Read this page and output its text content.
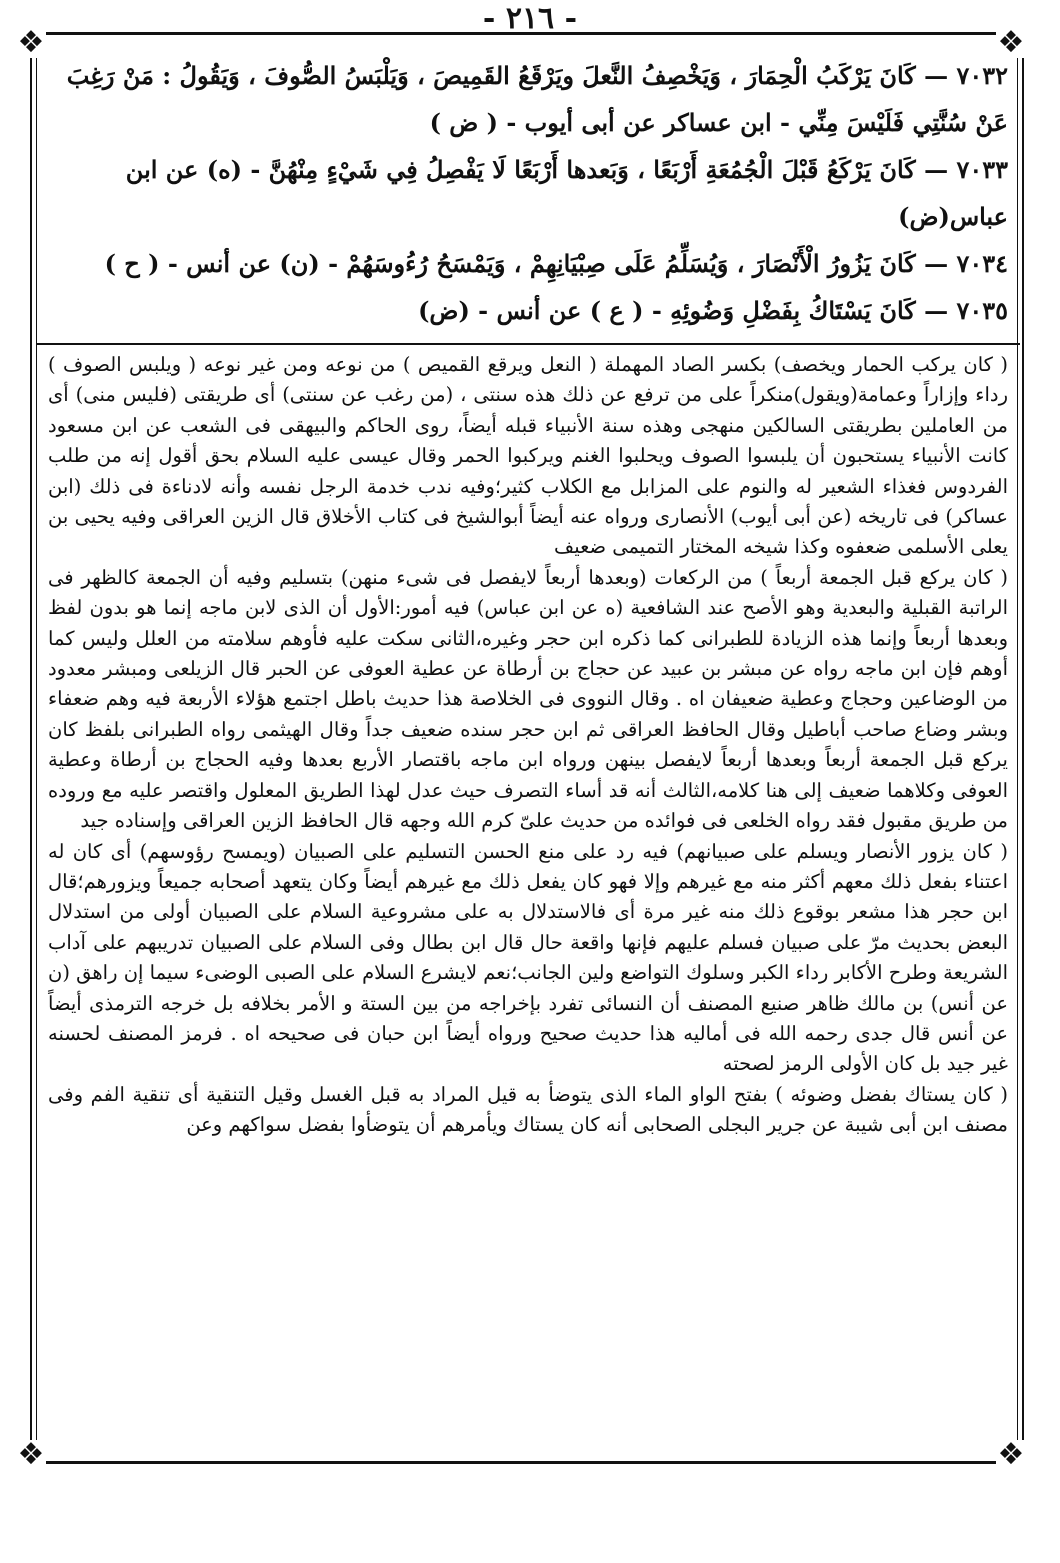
- ٢١٦ -
❖	❖
❖	❖
٧٠٣٢ — كَانَ يَرْكَبُ الْحِمَارَ ، وَيَخْصِفُ النَّعلَ ويَرْقَعُ القَمِيصَ ، وَيَلْبَسُ الصُّوفَ ، وَيَقُولُ : مَنْ رَغِبَ عَنْ سُنَّتِي فَلَيْسَ مِنِّي - ابن عساكر عن أبى أيوب - ( ض )
٧٠٣٣ — كَانَ يَرْكَعُ قَبْلَ الْجُمُعَةِ أَرْبَعًا ، وَبَعدها أَرْبَعًا لَا يَفْصِلُ فِي شَيْءٍ مِنْهُنَّ - (ه) عن ابن عباس(ض)
٧٠٣٤ — كَانَ يَزُورُ الْأَنْصَارَ ، وَيُسَلِّمُ عَلَى صِبْيَانِهِمْ ، وَيَمْسَحُ رُءُوسَهُمْ - (ن) عن أنس - ( ح )
٧٠٣٥ — كَانَ يَسْتَاكُ بِفَضْلِ وَضُوئِهِ - ( ع ) عن أنس - (ض)

( كان يركب الحمار ويخصف) بكسر الصاد المهملة ( النعل ويرقع القميص ) من نوعه ومن غير نوعه ( ويلبس الصوف ) رداء وإزاراً وعمامة(ويقول)منكراً على من ترفع عن ذلك هذه سنتى ، (من رغب عن سنتى) أى طريقتى (فليس منى) أى من العاملين بطريقتى السالكين منهجى وهذه سنة الأنبياء قبله أيضاً، روى الحاكم والبيهقى فى الشعب عن ابن مسعود كانت الأنبياء يستحبون أن يلبسوا الصوف ويحلبوا الغنم ويركبوا الحمر وقال عيسى عليه السلام بحق أقول إنه من طلب الفردوس فغذاء الشعير له والنوم على المزابل مع الكلاب كثير؛وفيه ندب خدمة الرجل نفسه وأنه لادناءة فى ذلك (ابن عساكر) فى تاريخه (عن أبى أيوب) الأنصارى ورواه عنه أيضاً أبوالشيخ فى كتاب الأخلاق قال الزين العراقى وفيه يحيى بن يعلى الأسلمى ضعفوه وكذا شيخه المختار التميمى ضعيف

( كان يركع قبل الجمعة أربعاً ) من الركعات (وبعدها أربعاً لايفصل فى شىء منهن) بتسليم وفيه أن الجمعة كالظهر فى الراتبة القبلية والبعدية وهو الأصح عند الشافعية (ه عن ابن عباس) فيه أمور:الأول أن الذى لابن ماجه إنما هو بدون لفظ وبعدها أربعاً وإنما هذه الزيادة للطبرانى كما ذكره ابن حجر وغيره،الثانى سكت عليه فأوهم سلامته من العلل وليس كما أوهم فإن ابن ماجه رواه عن مبشر بن عبيد عن حجاج بن أرطاة عن عطية العوفى عن الحبر قال الزيلعى ومبشر معدود من الوضاعين وحجاج وعطية ضعيفان اه . وقال النووى فى الخلاصة هذا حديث باطل اجتمع هؤلاء الأربعة فيه وهم ضعفاء وبشر وضاع صاحب أباطيل وقال الحافظ العراقى ثم ابن حجر سنده ضعيف جداً وقال الهيثمى رواه الطبرانى بلفظ كان يركع قبل الجمعة أربعاً وبعدها أربعاً لايفصل بينهن ورواه ابن ماجه باقتصار الأربع بعدها وفيه الحجاج بن أرطاة وعطية العوفى وكلاهما ضعيف إلى هنا كلامه،الثالث أنه قد أساء التصرف حيث عدل لهذا الطريق المعلول واقتصر عليه مع وروده من طريق مقبول فقد رواه الخلعى فى فوائده من حديث علىّ كرم الله وجهه قال الحافظ الزين العراقى وإسناده جيد

( كان يزور الأنصار ويسلم على صبيانهم) فيه رد على منع الحسن التسليم على الصبيان (ويمسح رؤوسهم) أى كان له اعتناء بفعل ذلك معهم أكثر منه مع غيرهم وإلا فهو كان يفعل ذلك مع غيرهم أيضاً وكان يتعهد أصحابه جميعاً ويزورهم؛قال ابن حجر هذا مشعر بوقوع ذلك منه غير مرة أى فالاستدلال به على مشروعية السلام على الصبيان أولى من استدلال البعض بحديث مرّ على صبيان فسلم عليهم فإنها واقعة حال قال ابن بطال وفى السلام على الصبيان تدريبهم على آداب الشريعة وطرح الأكابر رداء الكبر وسلوك التواضع ولين الجانب؛نعم لايشرع السلام على الصبى الوضىء سيما إن راهق (ن عن أنس) بن مالك ظاهر صنيع المصنف أن النسائى تفرد بإخراجه من بين الستة و الأمر بخلافه بل خرجه الترمذى أيضاً عن أنس قال جدى رحمه الله فى أماليه هذا حديث صحيح ورواه أيضاً ابن حبان فى صحيحه اه . فرمز المصنف لحسنه غير جيد بل كان الأولى الرمز لصحته

( كان يستاك بفضل وضوئه ) بفتح الواو الماء الذى يتوضأ به قيل المراد به قبل الغسل وقيل التنقية أى تنقية الفم وفى مصنف ابن أبى شيبة عن جرير البجلى الصحابى أنه كان يستاك ويأمرهم أن يتوضأوا بفضل سواكهم وعن
